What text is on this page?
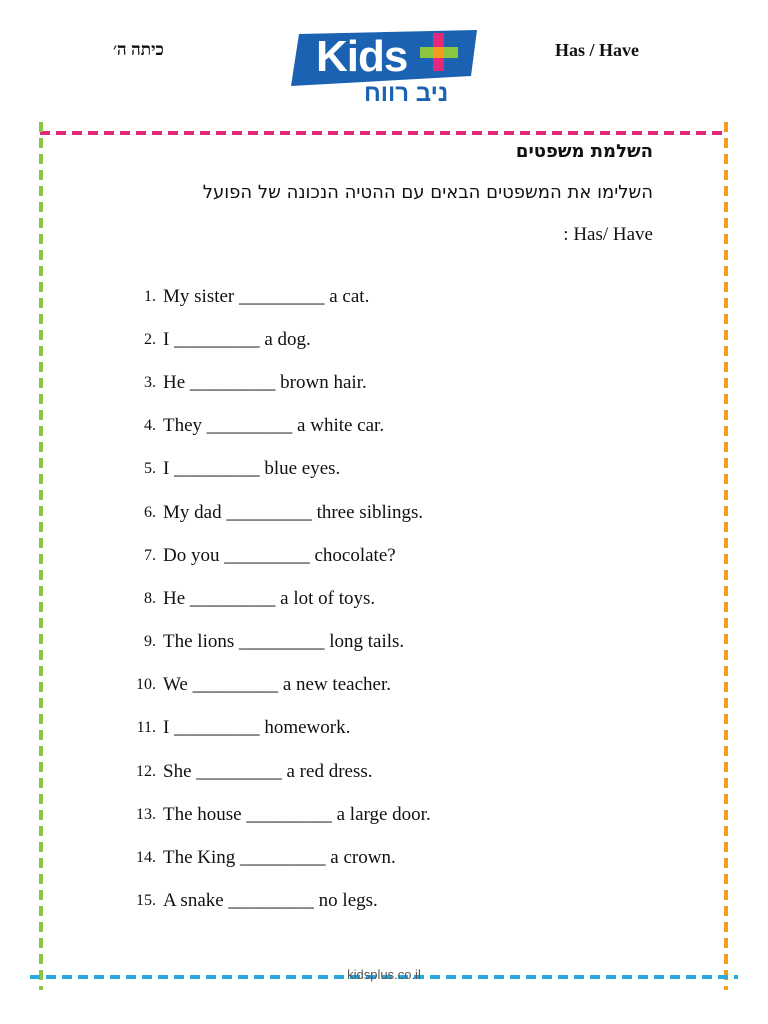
כיתה ה׳	Has / Have
Kids
ניב רווח
השלמת משפטים
השלימו את המשפטים הבאים עם ההטיה הנכונה של הפועל
Has/ Have :
1. My sister _________ a cat.
2. I _________ a dog.
3. He _________ brown hair.
4. They _________ a white car.
5. I _________ blue eyes.
6. My dad _________ three siblings.
7. Do you _________ chocolate?
8. He _________ a lot of toys.
9. The lions _________ long tails.
10. We _________ a new teacher.
11. I _________ homework.
12. She _________ a red dress.
13. The house _________ a large door.
14. The King _________ a crown.
15. A snake _________ no legs.
kidsplus.co.il
